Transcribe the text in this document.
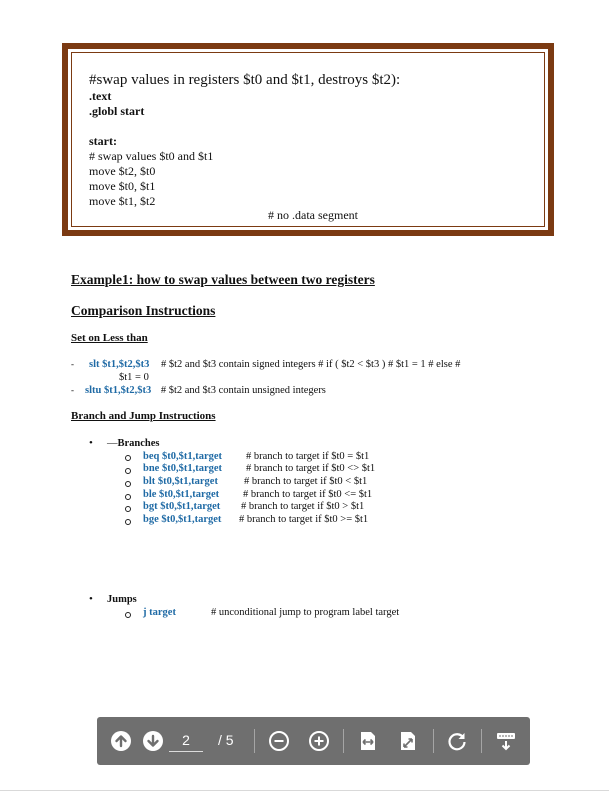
#swap values in registers $t0 and $t1, destroys $t2):
.text
.globl start
start:
# swap values $t0 and $t1
move $t2, $t0
move $t0, $t1
move $t1, $t2
# no .data segment
Example1: how to swap values between two registers
Comparison Instructions
Set on Less than
- slt $t1,$t2,$t3 # $t2 and $t3 contain signed integers # if ( $t2 < $t3 ) # $t1 = 1 # else #
$t1 = 0
- sltu $t1,$t2,$t3 # $t2 and $t3 contain unsigned integers
Branch and Jump Instructions
• —Branches
beq $t0,$t1,target # branch to target if $t0 = $t1
bne $t0,$t1,target # branch to target if $t0 <> $t1
blt $t0,$t1,target # branch to target if $t0 < $t1
ble $t0,$t1,target # branch to target if $t0 <= $t1
bgt $t0,$t1,target # branch to target if $t0 > $t1
bge $t0,$t1,target # branch to target if $t0 >= $t1
• Jumps
j target	# unconditional jump to program label target
2
/ 5
